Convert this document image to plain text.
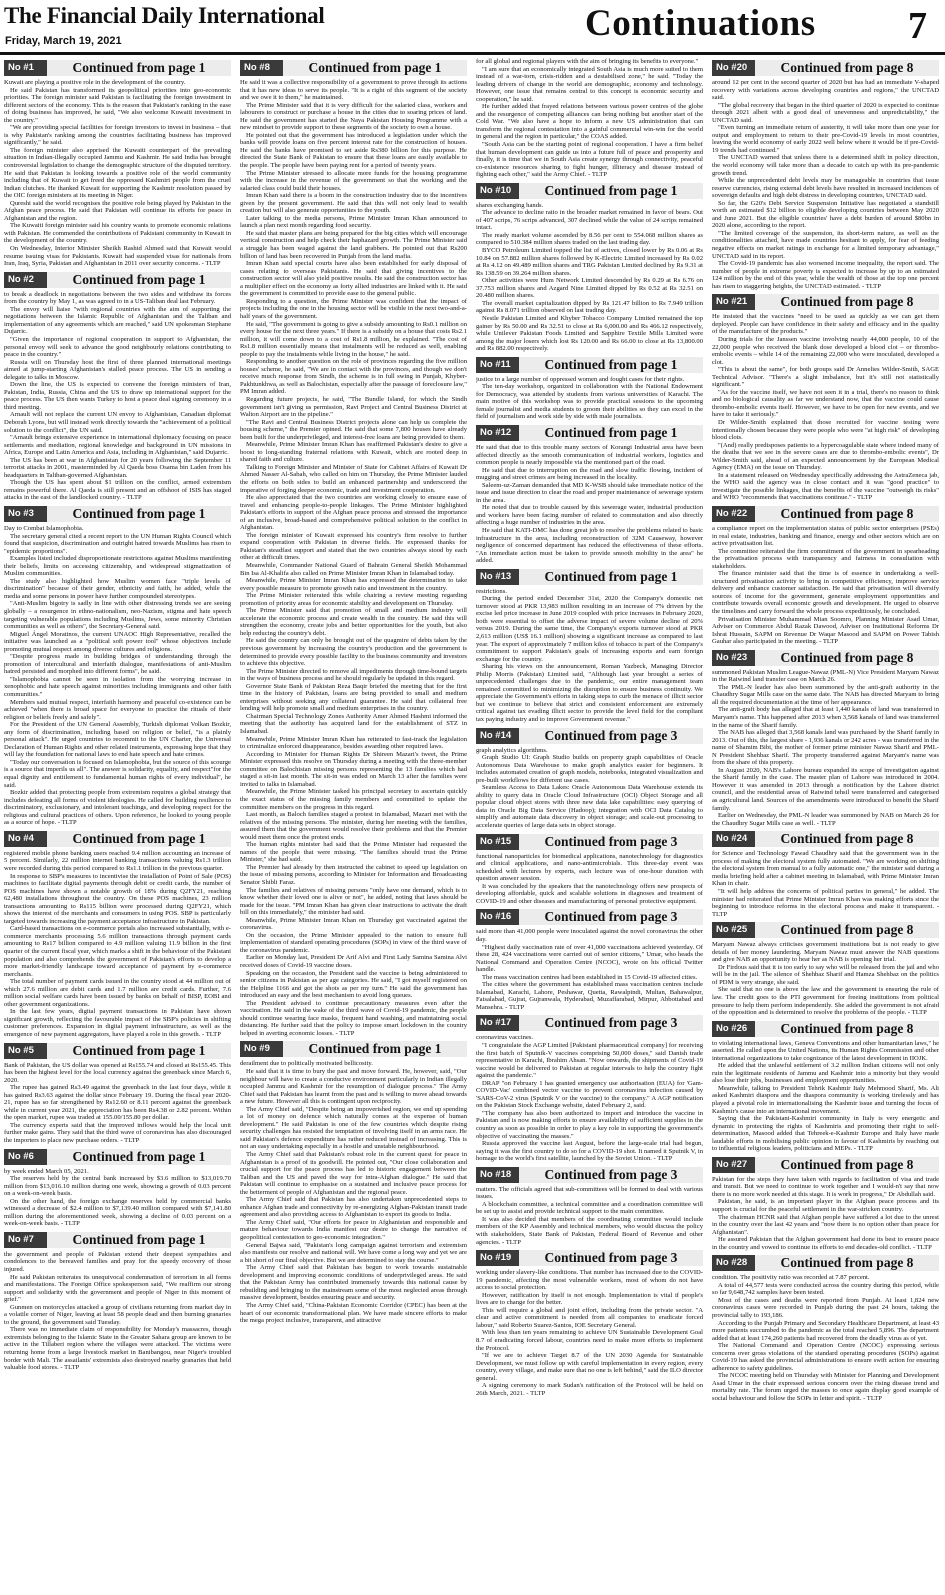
The Financial Daily International
Friday, March 19, 2021	Continuations 7
No #1	Continued from page 1

Kuwait are playing a positive role in the development of the country.

He said Pakistan has transformed its geopolitical priorities into geo-economic priorities. The foreign minister said Pakistan is facilitating the foreign investment in different sectors of the economy. This is the reason that Pakistan's ranking in the ease of doing business has improved, he said, "We also welcome Kuwaiti investment in the country."

"We are providing special facilities for foreign investors to invest in business – that is why Pakistan's ranking among the countries facilitating business has improved significantly," he said.

The foreign minister also apprised the Kuwaiti counterpart of the prevailing situation in Indian-illegally occupied Jammu and Kashmir. He said India has brought controversial legislation to change the demographic structure of the disputed territory. He said that Pakistan is looking towards a positive role of the world community including that of Kuwait to get freed the oppressed Kashmiri people from the cruel Indian clutches. He thanked Kuwait for supporting the Kashmir resolution passed by the OIC foreign ministers at its meeting in Niger.

Qureshi said the world recognises the positive role being played by Pakistan in the Afghan peace process. He said that Pakistan will continue its efforts for peace in Afghanistan and the region.

The Kuwaiti foreign minister said his country wants to promote economic relations with Pakistan. He commended the contributions of Pakistani community in Kuwait in the development of the country.

On Wednesday, Interior Minister Sheikh Rashid Ahmed said that Kuwait would resume issuing visas for Pakistanis. Kuwait had suspended visas for nationals from Iran, Iraq, Syria, Pakistan and Afghanistan in 2011 over security concerns. - TLTP

No #2	Continued from page 1

to break a deadlock in negotiations between the two sides and withdraw its forces from the country by May 1, as was agreed to in a US-Taliban deal last February.

The envoy will liaise "with regional countries with the aim of supporting the negotiations between the Islamic Republic of Afghanistan and the Taliban and implementation of any agreements which are reached," said UN spokesman Stephane Dujarric.

"Given the importance of regional cooperation in support to Afghanistan, the personal envoy will seek to advance the good neighbourly relations contributing to peace in the country."

Russia will on Thursday host the first of three planned international meetings aimed at jump-starting Afghanistan's stalled peace process. The US in sending a delegate to talks in Moscow.

Down the line, the US is expected to convene the foreign ministers of Iran, Pakistan, India, Russia, China and the US to draw up international support for the peace process. The US then wants Turkey to host a peace deal signing ceremony in a third meeting.

Arnault will not replace the current UN envoy to Afghanistan, Canadian diplomat Deborah Lyons, but will instead work directly towards the "achievement of a political solution to the conflict", the UN said.

"Arnault brings extensive experience in international diplomacy focusing on peace settlements and mediation, regional knowledge and background in UN missions in Africa, Europe and Latin America and Asia, including in Afghanistan," said Dujarric.

The US has been at war in Afghanistan for 20 years following the September 11 terrorist attacks in 2001, masterminded by Al Qaeda boss Osama bin Laden from his headquarters in Taliban-governed Afghanistan.

Though the US has spent about $1 trillion on the conflict, armed extremism remains powerful there. Al Qaeda is still present and an offshoot of ISIS has staged attacks in the east of the landlocked country. - TLTP

No #3	Continued from page 1

Day to Combat Islamophobia.

The secretary general cited a recent report to the UN Human Rights Council which found that suspicion, discrimination and outright hatred towards Muslims has risen to "epidemic proportions".

Examples listed included disproportionate restrictions against Muslims manifesting their beliefs, limits on accessing citizenship, and widespread stigmatization of Muslim communities.

The study also highlighted how Muslim women face "triple levels of discrimination" because of their gender, ethnicity and faith, he added, while the media and some persons in power have further compounded stereotypes.

"Anti-Muslim bigotry is sadly in line with other distressing trends we are seeing globally – a resurgence in ethno-nationalism, neo-Nazism, stigma and hate speech targeting vulnerable populations including Muslims, Jews, some minority Christian communities as well as others", the Secretary-General said.

Miguel Ángel Moratinos, the current UNAOC High Representative, recalled the initiative was launched as a "political soft power tool" whose objectives include promoting mutual respect among diverse cultures and religions.

"Despite progress made in building bridges of understanding through the promotion of intercultural and interfaith dialogue, manifestations of anti-Muslim hatred persisted and morphed into different forms", he said.

"Islamophobia cannot be seen in isolation from the worrying increase in xenophobic and hate speech against minorities including immigrants and other faith communities."

Members said mutual respect, interfaith harmony and peaceful co-existence can be achieved "when there is broad space for everyone to practice the rituals of their religion or beliefs freely and safely".

For the President of the UN General Assembly, Turkish diplomat Volkan Bozkir, any form of discrimination, including based on religion or belief, "is a plainly personal attack". He urged countries to recommit to the UN Charter, the Universal Declaration of Human Rights and other related instruments, expressing hope that they will lay the foundation for national laws to end hate speech and hate crimes.

"Today our conversation is focused on Islamophobia, but the source of this scourge is a source that imperils us all". The answer is solidarity, equality, and respect"for the equal dignity and entitlement to fundamental human rights of every individual", he said.

Bozkir added that protecting people from extremism requires a global strategy that includes defeating all forms of violent ideologies. He called for building resilience to discriminatory, exclusionary, and intolerant teachings, and developing respect for the religious and cultural practices of others. Upon reference, he looked to young people as a source of hope. - TLTP

No #4	Continued from page 1

registered mobile phone banking users reached 9.4 million accounting an increase of 5 percent. Similarly, 22 million internet banking transactions valuing Rs1.3 trillion were recorded during this period compared to Rs1.1 trillion in the previous quarter.

In response to SBP's measures to incentivise the installation of Point of Sale (POS) machines to facilitate digital payments through debit or credit cards, the number of POS machines have shown a notable growth of 18% during Q2FY21, reaching 62,480 installations throughout the country. On these POS machines, 23 million transactions amounting to Rs115 billion were processed during Q2FY21, which shows the interest of the merchants and consumers in using POS. SBP is particularly targeted towards increasing the payment acceptance infrastructure in Pakistan.

Card-based transactions on e-commerce portals also increased substantially, with e-commerce merchants processing 5.6 million transactions through payment cards amounting to Rs17 billion compared to 4.9 million valuing 11.9 billion in the first quarter of the current fiscal year, which marks a shift in the behaviour of the Pakistani population and also comprehends the government of Pakistan's efforts to develop a more market-friendly landscape toward acceptance of payment by e-commerce merchants.

The total number of payment cards issued in the country stood at 44 million out of which 27.6 million are debit cards and 1.7 million are credit cards. Further, 7.6 million social welfare cards have been issued by banks on behalf of BISP, EOBI and other government organizations.

In the last few years, digital payment transactions in Pakistan have shown significant growth, reflecting the favourable impact of the SBP's policies in shifting customer preferences. Expansion in digital payment infrastructure, as well as the emergence of new payment aggregators, have played a role in this growth. - TLTP

No #5	Continued from page 1

Bank of Pakistan, the US dollar was opened at Rs155.74 and closed at Rs155.45. This has been the highest level for the local currency against the greenback since March 6, 2020.

The rupee has gained Rs3.49 against the greenback in the last four days, while it has gained Rs3.63 against the dollar since February 19. During the fiscal year 2020-21, rupee has so far strengthened by Rs12.60 or 8.11 percent against the greenback while in current year 2021, the appreciation has been Rs4.38 or 2.82 percent. Within the open market, rupee was traded at 155.00/155.80 per dollar.

The currency experts said that the improved inflows would help the local unit further make gains. They said that the third wave of coronavirus has also discouraged the importers to place new purchase orders. - TLTP

No #6	Continued from page 1

by week ended March 05, 2021.

The reserves held by the central bank increased by $3.6 million to $13,019.70 million from $13,016.10 million during one week, showing a growth of 0.03 percent on a week-on-week basis.

On the other hand, the foreign exchange reserves held by commercial banks witnessed a decrease of $2.4 million to $7,139.40 million compared with $7,141.80 million during the aforementioned week, showing a decline of 0.03 percent on a week-on-week basis. - TLTP

No #7	Continued from page 1

the government and people of Pakistan extend their deepest sympathies and condolences to the bereaved families and pray for the speedy recovery of those injured.

He said Pakistan reiterates its unequivocal condemnation of terrorism in all forms and manifestations. The Foreign Office spokesperson said, "We reaffirm our strong support and solidarity with the government and people of Niger in this moment of grief."

Gunmen on motorcycles attacked a group of civilians returning from market day in a volatile corner of Niger, leaving at least 58 people dead and then burning granaries to the ground, the government said Tuesday.

There was no immediate claim of responsibility for Monday's massacres, though extremists belonging to the Islamic State in the Greater Sahara group are known to be active in the Tillaberi region where the villages were attacked. The victims were returning home from a large livestock market in Banibangou, near Niger's troubled border with Mali. The assailants' extremists also destroyed nearby granaries that held valuable food stores. - TLTP

No #8	Continued from page 1

He said it was a collective responsibility of a government to prove through its actions that it has new ideas to serve its people. "It is a right of this segment of the society and we owe it to them," he maintained.

The Prime Minister said that it is very difficult for the salaried class, workers and labourers to construct or purchase a house in the cities due to soaring prices of land. He said the government has started the Naya Pakistan Housing Programme with a new mindset to provide support to these segments of the society to own a house.

He pointed out that the government has introduced a legislation under which the banks will provide loans on five percent interest rate for the construction of houses. He said the banks have promised to set aside Rs380 billion for this purpose. He directed the State Bank of Pakistan to ensure that these loans are easily available to the people. The people have been paying rent for a period of twenty years.

The Prime Minister stressed to allocate more funds for the housing programme with the increase in the revenue of the government so that the working and the salaried class could build their houses.

Imran Khan said there is a boom in the construction industry due to the incentives given by the present government. He said that this will not only lead to wealth creation but will also generate opportunities to the youth.

Later talking to the media persons, Prime Minister Imran Khan announced to launch a plan next month regarding food security.

He said that master plans are being prepared for the big cities which will encourage vertical construction and help check their haphazard growth. The Prime Minister said a struggle has been waged against the land grabbers. He pointed out that Rs200 billion of land has been recovered in Punjab from the land mafia.

Imran Khan said special courts have also been established for early disposal of cases relating to overseas Pakistanis. He said that giving incentives to the construction sector will also yield positive results. He said the construction sector has a multiplier effect on the economy as forty allied industries are linked with it. He said the government is committed to provide ease to the general public.

Responding to a question, the Prime Minister was confident that the impact of projects including the one in the housing sector will be visible in the next two-and-a-half years of the government.

He said, "The government is going to give a subsidy amounting to Rs0.1 million on every house for the next three years." If there is a subsidy on a house that costs Rs2.1 million, it will come down to a cost of Rs1.8 million, he explained. "The cost of Rs1.8 million essentially means that instalments will be reduced as well, enabling people to pay the instalments while living in the house," he said.

Responding to another question on the role of provinces regarding the five million houses' scheme, he said, "We are in contact with the provinces, and though we don't receive much response from Sindh, the scheme is in full swing in Punjab, Khyber-Pakhtunkhwa, as well as Balochistan, especially after the passage of foreclosure law," PM Imran added.

Regarding future projects, he said, "The Bundle Island, for which the Sindh government isn't giving us permission, Ravi Project and Central Business District at Walton Airport are in the pipeline."

"The Ravi and Central Business District projects alone can help us complete the housing scheme," the Premier opined. He said that some 7,800 houses have already been built for the underprivileged, and interest-free loans are being provided to them.

Meanwhile, Prime Minister Imran Khan has reaffirmed Pakistan's desire to give a boost to long-standing fraternal relations with Kuwait, which are rooted deep in shared faith and culture.

Talking to Foreign Minister and Minister of State for Cabinet Affairs of Kuwait Dr Ahmed Nasser Al-Sabah, who called on him on Thursday, the Prime Minister lauded the efforts on both sides to build an enhanced partnership and underscored the imperative of forging deeper economic, trade and investment cooperation.

He also appreciated that the two countries are working closely to ensure ease of travel and enhancing people-to-people linkages. The Prime Minister highlighted Pakistan's efforts in support of the Afghan peace process and stressed the importance of an inclusive, broad-based and comprehensive political solution to the conflict in Afghanistan.

The foreign minister of Kuwait expressed his country's firm resolve to further expand cooperation with Pakistan in diverse fields. He expressed thanks for Pakistan's steadfast support and stated that the two countries always stood by each other at difficult times.

Meanwhile, Commander National Guard of Bahrain General Sheikh Mohammad Bin Isa Al-Khalifa also called on Prime Minister Imran Khan in Islamabad today.

Meanwhile, Prime Minister Imran Khan has expressed the determination to take every possible measure to promote growth ratio and investment in the country.

The Prime Minister reiterated this while chairing a review meeting regarding promotion of priority areas for economic stability and development on Thursday.

The Prime Minister said that promotion of small and medium industry will accelerate the economic process and create wealth in the country. He said this will strengthen the economy, create jobs and better opportunities for the youth, but also help reducing the country's debt.

He said the country can only be brought out of the quagmire of debts taken by the previous government by increasing the country's production and the government is determined to provide every possible facility to the business community and investors to achieve this objective.

The Prime Minister directed to remove all impediments through time-bound targets in the ways of business process and he should regularly be updated in this regard.

Governor State Bank of Pakistan Reza Baqir briefed the meeting that for the first time in the history of Pakistan, loans are being provided to small and medium enterprises without seeking any collateral guarantee. He said that collateral free lending will help promote small and medium enterprises in the country.

Chairman Special Technology Zones Authority Amer Ahmed Hashmi informed the meeting that the authority has acquired land for the establishment of STZ in Islamabad.

Meanwhile, Prime Minister Imran Khan has reiterated to fast-track the legislation to criminalize enforced disappearance, besides awarding other required laws.

According to Minister for Human Rights Dr Shireen Mazari's tweet, the Prime Minister expressed this resolve on Thursday during a meeting with the three-member committee on Balochistan missing persons representing the 13 families which had staged a sit-in last month. The sit-in was ended on March 13 after the families were invited to talks in Islamabad.

Meanwhile, the Prime Minister tasked his principal secretary to ascertain quickly the exact status of the missing family members and committed to update the committee members on the progress in this regard.

Last month, as Baloch families staged a protest in Islamabad, Mazari met with the relatives of the missing persons. The minister, during her meeting with the families, assured them that the government would resolve their problems and that the Premier would meet them once the protest ends.

The human rights minister had said that the Prime Minister had requested the names of the people that were missing. "The families should trust the Prime Minister," she had said.

The Premier had already by then instructed the cabinet to speed up legislation on the issue of missing persons, according to Minister for Information and Broadcasting Senator Shibli Faraz.

The families and relatives of missing persons "only have one demand, which is to know whether their loved one is alive or not", he added, noting that laws should be made for the issue. "PM Imran Khan has given clear instructions to activate the draft bill on this immediately," the minister had said.

Meanwhile, Prime Minister Imran Khan on Thursday got vaccinated against the coronavirus.

On the occasion, the Prime Minister appealed to the nation to ensure full implementation of standard operating procedures (SOPs) in view of the third wave of the coronavirus pandemic.

Earlier on Monday last, President Dr Arif Alvi and First Lady Samina Samina Alvi received doses of Covid-19 vaccine doses.

Speaking on the occasion, the President said the vaccine is being administered to senior citizens in Pakistan as per age categories. He said, "I got myself registered on the Helpline 1166 and got the shots as per my turn." He said the government has introduced an easy and the best mechanism to avoid long queues.

The President advised to continue precautionary measures even after the vaccination. He said in the wake of the third wave of Covid-19 pandemic, the people should continue wearing face masks, frequent hand washing, and maintaining social distancing. He further said that the policy to impose smart lockdown in the country helped in averting economic losses. - TLTP

No #9	Continued from page 1

derailment due to politically motivated bellicosity.

He said that it is time to bury the past and move forward. He, however, said, "Our neighbour will have to create a conducive environment particularly in Indian illegally occupied Jammu and Kashmir for the resumption of dialogue process." The Army Chief said that Pakistan has learnt from the past and is willing to move ahead towards a new future. However all this is contingent upon reciprocity.

The Army Chief said, "Despite being an impoverished region, we end up spending a lot of money on defence which naturally comes at the expense of human development." He said Pakistan is one of the few countries which despite rising security challenges has resisted the temptation of involving itself in an arms race. He said Pakistan's defence expenditure has rather reduced instead of increasing. This is not an easy undertaking especially in a hostile and unstable neighbourhood.

The Army Chief said that Pakistan's robust role in the current quest for peace in Afghanistan is a proof of its goodwill. He pointed out, "Our close collaboration and crucial support for the peace process has led to historic engagement between the Taliban and the US and paved the way for intra-Afghan dialogue." He said that Pakistan will continue to emphasise on a sustained and inclusive peace process for the betterment of people of Afghanistan and the regional peace.

The Army Chief said that Pakistan has also undertaken unprecedented steps to enhance Afghan trade and connectivity by re-energizing Afghan-Pakistan transit trade agreement and also providing access to Afghanistan to export its goods to India.

The Army Chief said, "Our efforts for peace in Afghanistan and responsible and mature behaviour towards India manifest our desire to change the narrative of geopolitical contestation to geo-economic integration."

General Bajwa said, "Pakistan's long campaign against terrorism and extremism also manifests our resolve and national will. We have come a long way and yet we are a bit short of our final objective. But we are determined to stay the course."

The Army Chief said that Pakistan has begun to work towards sustainable development and improving economic conditions of underprivileged areas. He said that the Pakistan Army has contributed immensely towards this national cause by rebuilding and bringing to the mainstream some of the most neglected areas through massive development, besides ensuring peace and security.

The Army Chief said, "China-Pakistan Economic Corridor (CPEC) has been at the heart of our economic transformational plan. We have made sincere efforts to make the mega project inclusive, transparent, and attractive

for all global and regional players with the aim of bringing its benefits to everyone."

"I am sure that an economically integrated South Asia is much more suited to them instead of a war-torn, crisis-ridden and a destabilised zone," he said. "Today the leading drivers of change in the world are demographic, economy and technology. However, one issue that remains central to this concept is economic security and cooperation," he said.

He further added that frayed relations between various power centres of the globe and the resurgence of competing alliances can bring nothing but another start of the Cold War. "We also have a hope to inform a new US administration that can transform the regional contestation into a gainful commercial win-win for the world in general and the region in particular," the COAS added.

"South Asia can be the starting point of regional cooperation. I have a firm belief that human development can guide us into a future full of peace and prosperity and finally, it is time that we in South Asia create synergy through connectivity, peaceful co-existence resources sharing to fight hunger, illiteracy and disease instead of fighting each other," said the Army Chief. - TLTP

No #10	Continued from page 1

shares exchanging hands.

The advance to decline ratio in the broader market remained in favor of bears. Out of 407 scrips, 76 scrips advanced, 307 declined while the value of 24 scrips remained intact.

The ready market volume ascended by 8.56 per cent to 554.068 million shares as compared to 510.384 million shares traded on the last trading day.

BYCO Petroleum Limited topped the list of actives, closed lower by Rs 0.06 at Rs 10.84 on 57.882 million shares followed by K-Electric Limited increased by Rs 0.02 at Rs 4.12 on 49.489 million shares and TRG Pakistan Limited declined by Rs 9.31 at Rs 138.59 on 39.264 million shares.

Other activities were Hum Network Limited descended by Rs 0.29 at Rs 6.76 on 37.753 million shares and Azgard Nine Limited dipped by Rs 0.52 at Rs 32.51 on 20.480 million shares.

The overall market capitalization dipped by Rs 121.47 billion to Rs 7.949 trillion against Rs 8.071 trillion observed on last trading day.

Nestle Pakistan Limited and Khyber Tobacco Company Limited remained the top gainer by Rs 50.00 and Rs 32.51 to close at Rs 6,000.00 and Rs 466.12 respectively, while Unilever Pakistan Foods Limited and Sapphire Textile Mills Limited were among the major losers which lost Rs 120.00 and Rs 66.00 to close at Rs 13,800.00 and Rs 882.00 respectively.

No #11	Continued from page 1

justice to a large number of oppressed women and fought cases for their rights.

The ten-day workshop, organized in collaboration with the National Endowment for Democracy, was attended by students from various universities of Karachi. The main motive of this workshop was to provide practical sessions to the upcoming female journalist and media students to groom their abilities so they can excel in the field of journalism and work side by side with male journalists.

No #12	Continued from page 1

He said that due to this trouble many sectors of Korangi Industrial area have been affected directly as the smooth communication of industrial workers, logistics and common people is nearly impossible via the mentioned part of the road.

He said that due to interruption on the road and slow traffic flowing, incident of mugging and street crimes are being increased in the locality.

Saleem-uz-Zaman demanded that MD K-WSB should take immediate notice of the issue and issue direction to clear the road and proper maintenance of sewerage system in the area.

He noted that due to trouble caused by this sewerage water, industrial production and workers have been facing number of related to commutation and also directly affecting a huge number of industries in the area.

He said that KATI-DMC has done great job to resolve the problems related to basic infrastructure in the area, including reconstruction of 32M Causeway, however negligence of concerned department has reduced the effectiveness of these efforts. "An immediate action must be taken to provide smooth mobility in the area" he added.

No #13	Continued from page 1

restrictions.

During the period ended December 31st, 2020 the Company's domestic net turnover stood at PKR 13,983 million resulting in an increase of 7% driven by the excise led price increase in June 2019 coupled with price increases in February 2020, both were essential to offset the adverse impact of severe volume decline of 20% versus 2019. During the same time, the Company's exports turnover stood at PKR 2,613 million (US$ 16.1 million) showing a significant increase as compared to last year. The export of approximately 7 million kilos of tobacco is part of the Company's commitment to support Pakistan's goals of increasing exports and earn foreign exchange for the country.

Sharing his views on the announcement, Roman Yazbeck, Managing Director Philip Morris (Pakistan) Limited said, "Although last year brought a series of unprecedented challenges due to the pandemic, our entire management team remained committed to minimizing the disruption to ensure business continuity. We appreciate the Government's efforts in taking steps to curb the menace of illicit sector but we continue to believe that strict and consistent enforcement are extremely critical against tax evading illicit sector to provide the level field for the compliant tax paying industry and to improve Government revenue."

No #14	Continued from page 3

graph analytics algorithms.

Graph Studio UI: Graph Studio builds on property graph capabilities of Oracle Autonomous Data Warehouse to make graph analytics easier for beginners. It includes automated creation of graph models, notebooks, integrated visualization and pre-built workflows for different use cases.

Seamless Access to Data Lakes: Oracle Autonomous Data Warehouse extends its ability to query data in Oracle Cloud Infrastructure (OCI) Object Storage and all popular cloud object stores with three new data lake capabilities: easy querying of data in Oracle Big Data Service (Hadoop); integration with OCI Data Catalog to simplify and automate data discovery in object storage; and scale-out processing to accelerate queries of large data sets in object storage.

No #15	Continued from page 3

functional nanoparticles for biomedical applications, nanotechnology for diagnostics and clinical applications, and nano-antimicrobials. This three-day event was scheduled with lectures by experts, each lecture was of one-hour duration with question answer session.

It was concluded by the speakers that the nanotechnology offers new prospects of developing affordable, quick and scalable solutions in diagnoses and treatment of COVID-19 and other diseases and manufacturing of personal protective equipment.

No #16	Continued from page 3

said more than 41,000 people were inoculated against the novel coronavirus the other day.

"Highest daily vaccination rate of over 41,000 vaccinations achieved yesterday. Of these 28, 424 vaccinations were carried out of senior citizens," Umar, who heads the National Command and Operation Centre (NCOC), wrote on his official Twitter handle.

The mass vaccination centres had been established in 15 Covid-19 affected cities.

The cities where the government has established mass vaccination centres include Islamabad, Karachi, Lahore, Peshawar, Quetta, Rawalpindi, Multan, Bahawalpur, Faisalabad, Gujrat, Gujranwala, Hyderabad, Muzaffarabad, Mirpur, Abbottabad and Mansehra. - TLTP

No #17	Continued from page 3

coronavirus vaccines.

"I congratulate the AGP Limited [Pakistani pharmaceutical company] for receiving the first batch of Sputnik-V vaccines comprising 50,000 doses," said Danish trade representative in Karachi, Ibrahim Ahsan. "Now onwards, the shipments of Covid-19 vaccine would be delivered to Pakistan at regular intervals to help the country fight against the pandemic."

DRAP "on February 1 has granted emergency use authorisation (EUA) for 'Gam-COVID-Vac' combined vector vaccine to prevent coronavirus infection caused by 'SARS-CoV-2 virus (Sputnik V or the vaccine) to the company." A AGP notification on the Pakistan Stock Exchange website, dated February 2, said.

"The company has also been authorized to import and introduce the vaccine in Pakistan and is now making efforts to ensure availability of sufficient supplies in the country as soon as possible in order to play a key role in supporting the government's objective of vaccinating the masses."

Russia approved the vaccine last August, before the large-scale trial had begun, saying it was the first country to do so for a COVID-19 shot. It named it Sputnik V, in homage to the world's first satellite, launched by the Soviet Union. - TLTP

No #18	Continued from page 3

matters. The officials agreed that sub-committees will be formed to deal with various issues.

A blockchain committee, a technical committee and a coordination committee will be set up to assist and provide technical support to the main committee.

It was also decided that members of the coordinating committee would include members of the KP Assembly and technical members, who would discuss the policy with stakeholders, State Bank of Pakistan, Federal Board of Revenue and other agencies. - TLTP

No #19	Continued from page 3

working under slavery-like conditions. That number has increased due to the COVID-19 pandemic, affecting the most vulnerable workers, most of whom do not have access to social protection.

However, ratification by itself is not enough. Implementation is vital if people's lives are to change for the better.

This will require a global and joint effort, including from the private sector. "A clear and active commitment is needed from all companies to eradicate forced labour," said Roberto Suarez-Santos, IOE Secretary General.

With less than ten years remaining to achieve UN Sustainable Development Goal 8.7 of eradicating forced labour, countries need to make more efforts to implement the Protocol.

"If we are to achieve Target 8.7 of the UN 2030 Agenda for Sustainable Development, we must follow up with careful implementation in every region, every country, every village, and make sure that no one is left behind," said the ILO director general.

A signing ceremony to mark Sudan's ratification of the Protocol will be held on 26th March, 2021. - TLTP

No #20	Continued from page 8

around 12 per cent in the second quarter of 2020 but has had an immediate V-shaped recovery with variations across developing countries and regions," the UNCTAD said.

"The global recovery that began in the third quarter of 2020 is expected to continue through 2021 albeit with a good deal of unevenness and unpredictability," the UNCTAD said.

"Even turning an immediate return of austerity, it will take more than one year for output and employment to return to their pre-Covid-19 levels in most countries, leaving the world economy of early 2022 well below where it would be if pre-Covid-19 trends had continued."

The UNCTAD warned that unless there is a determined shift in policy direction, the world economy will take more than a decade to catch up with its pre-pandemic growth trend.

While the unprecedented debt levels may be manageable in countries that issue reserve currencies, rising external debt levels have resulted in increased incidences of sovereign defaults and high debt distress in developing countries, UNCTAD said.

So far, the G20's Debt Service Suspension Initiative has negotiated a standstill worth an estimated $12 billion to eligible developing countries between May 2020 and June 2021. But the eligible countries' have a debt burden of around $80bn in 2020 alone, according to the report.

"The limited coverage of the suspension, its short-term nature, as well as the conditionalities attached, have made countries hesitant to apply, for fear of feeding negative effects on market ratings in exchange for a limited temporary advantage," UNCTAD said in its report.

The Covid-19 pandemic has also worsened income inequality, the report said. The number of people in extreme poverty is expected to increase by up to an estimated 124 million by the end of this year, while the wealth of those at the top one percent has risen to staggering heights, the UNCTAD estimated. - TLTP

No #21	Continued from page 8

He insisted that the vaccines "need to be used as quickly as we can get them deployed. People can have confidence in their safety and efficacy and in the quality of the manufacture of the products."

During trials for the Janssen vaccine involving nearly 44,000 people, 10 of the 22,000 people who received the blank dose developed a blood clot – or thrombo-embolic events – while 14 of the remaining 22,000 who were inoculated, developed a clot.

"This is about the same", for both groups said Dr Annelies Wilder-Smith, SAGE Technical Advisor. "There's a slight imbalance, but it's still not statistically significant."

"As for the vaccine itself, we have not seen it in a trial, there's no reason to think and no biological causality as far we understand now, that the vaccine could cause thrombo-embolic events itself. However, we have to be open for new events, and we have to take it seriously."

Dr Wilder-Smith explained that those recruited for vaccine testing were intentionally chosen because they were people who were "at high risk" of developing blood clots.

"(And) really predisposes patients to a hypercoagulable state where indeed many of the deaths that we see in the severe cases are due to thrombo-embolic events", Dr Wilder-Smith said, ahead of an expected announcement by the European Medical Agency (EMA) on the issue on Thursday.

In a statement released on Wednesday specifically addressing the AstraZeneca jab, the WHO said the agency was in close contact and it was "good practice" to investigate the possible linkages, that the benefits of the vaccine "outweigh its risks" and WHO "recommends that vaccinations continue." - TLTP

No #22	Continued from page 8

a compliance report on the implementation status of public sector enterprises (PSEs) in real estate, industries, banking and finance, energy and other sectors which are on active privatisation list.

The committee reiterated the firm commitment of the government in spearheading the privatisation process with transparency and fairness in consultation with stakeholders.

The finance minister said that the time is of essence in undertaking a well-structured privatisation activity to bring in competitive efficiency, improve service delivery and enhance customer satisfaction. He said that privatisation will diversify sources of income for the government, generate employment opportunities and contribute towards overall economic growth and development. He urged to observe the timelines and carry forward the whole process expeditiously, he concluded.

Privatisation Minister Muhammad Mian Soomro, Planning Minister Asad Umar, Adviser on Commerce Abdul Razak Dawood, Adviser on Institutional Reforms Dr Ishrat Hussain, SAPM on Revenue Dr Waqar Masood and SAPM on Power Tabish Gauhar also participated in the meeting. - TLTP

No #23	Continued from page 8

summoned Pakistan Muslim League-Nawaz (PML-N) Vice President Maryam Nawaz in the Raiwind land transfer case on March 26.

The PML-N leader has also been summoned by the anti-graft authority in the Chaudhry Sugar Mills case on the same date. The NAB has directed Maryam to bring all the required documentation at the time of her appearance.

The anti-graft body has alleged that at least 1,440 kanals of land was transferred in Maryam's name. This happened after 2013 when 3,568 kanals of land was transferred in the name of the Sharif family.

The NAB has alleged that 3,568 kanals land was purchased by the Sharif family in 2013. Out of this, the largest share - 1,936 kanals or 242 acres - was transferred in the name of Shamim Bibi, the mother of former prime minister Nawaz Sharif and PML-N President Shehbaz Sharif. The property transferred against Maryam's name was from the share of this property.

In August 2020, NAB's Lahore bureau expanded its scope of investigation against the Sharif family in the case. The master plan of Lahore was introduced in 2004. However it was amended in 2013 through a notification by the Lahore district council, and the residential areas of Raiwind tehsil were transferred and categorised as agricultural land. Sources of the amendments were introduced to benefit the Sharif family.

Earlier on Wednesday, the PML-N leader was summoned by NAB on March 26 for the Chaudhry Sugar Mills case as well. - TLTP

No #24	Continued from page 8

for Science and Technology Fawad Chaudhry said that the government was in the process of making the electoral system fully automated. "We are working on shifting the electoral system from manual to a fully automatic one," the minister said during a media briefing held after a cabinet meeting in Islamabad, with Prime Minister Imran Khan in chair.

"It will help address the concerns of political parties in general," he added. The minister had reiterated that Prime Minister Imran Khan was making efforts since the beginning to introduce reforms in the electoral process and make it transparent. - TLTP

No #25	Continued from page 8

Maryam Nawaz always criticises government institutions but is not ready to give details of her money laundering. Maryam Nawaz must answer the NAB questions and give NAB an opportunity to hear her as NAB is opening her trial.

Dr Firdous said that it is too early to say who will be released from the jail and who will be in the jail. The silence of Shehbaz Sharif and Hamza Shehbaz on the politics of PDM is very strange, she said.

She said that no one is above the law and the government is ensuring the rule of law. The credit goes to the PTI government for freeing institutions from political pressure to help them perform independently. She added the government is not afraid of the opposition and is determined to resolve the problems of the people. - TLTP

No #26	Continued from page 8

to violating international laws, Geneva Conventions and other humanitarian laws," he asserted. He called upon the United Nations, its Human Rights Commission and other international organizations to take cognizance of the latest development in IIOJK.

He added that the unlawful settlement of 3.2 million Indian citizens will not only ruin the legitimate residents of Jammu and Kashmir into a minority but they would also lose their jobs, businesses and employment opportunities.

Meanwhile, talking to President Tehrik Kashmir Italy Mehmood Sharif, Ms. Ali asked Kashmiri diaspora and the diaspora community is working tirelessly and has played a pivotal role in internationalising the Kashmir issue and turning the focus of Kashmir's cause into an international movement.

Saying that the Pakistani-Kashmiri community in Italy is very energetic and dynamic in protecting the rights of Kashmiris and promoting their right to self-determination, Masood added that Tehreek-e-Kashmir Europe and Italy have made laudable efforts in mobilising public opinion in favour of Kashmiris by reaching out to influential religious leaders, politicians and MEPs. - TLTP

No #27	Continued from page 8

Pakistan for the steps they have taken with regards to facilitation of visa and trade and transit. But we need to continue to work together and I would-n't say that now there is no more work needed at this stage. It is work in progress," Dr Abdullah said.

Pakistan, he said, is an important player in the Afghan peace process and its support is crucial for the peaceful settlement in the war-stricken country.

The chairman HCNR said that Afghan people have suffered a lot due to the unrest in the country over the last 42 years and "now there is no option other than peace for Afghanistan".

He assured Pakistan that the Afghan government had done its best to ensure peace in the country and vowed to continue its efforts to end decades-old conflict. - TLTP

No #28	Continued from page 8

condition. The positivity ratio was recorded at 7.87 percent.

A total of 44,577 tests were conducted across the country during this period, while so far 9,648,742 samples have been tested.

Most of the cases and deaths were reported from Punjab. At least 1,824 new coronavirus cases were recorded in Punjab during the past 24 hours, taking the provincial tally to 193,186.

According to the Punjab Primary and Secondary Healthcare Department, at least 43 more patients succumbed to the pandemic as the total reached 5,896. The department added that at least 174,260 patients had recovered from the deadly virus as of yet.

The National Command and Operation Centre (NCOC) expressing serious concerns over gross violations of the standard operating procedures (SOPs) against Covid-19 has asked the provincial administrations to ensure swift action for ensuring adherence to safety guidelines.

The NCOC meeting held on Thursday with Minister for Planning and Development Asad Umar in the chair expressed serious concern over the rising disease trend and mortality rate. The forum urged the masses to once again display good example of social behaviour and follow the SOPs in letter and spirit. - TLTP
